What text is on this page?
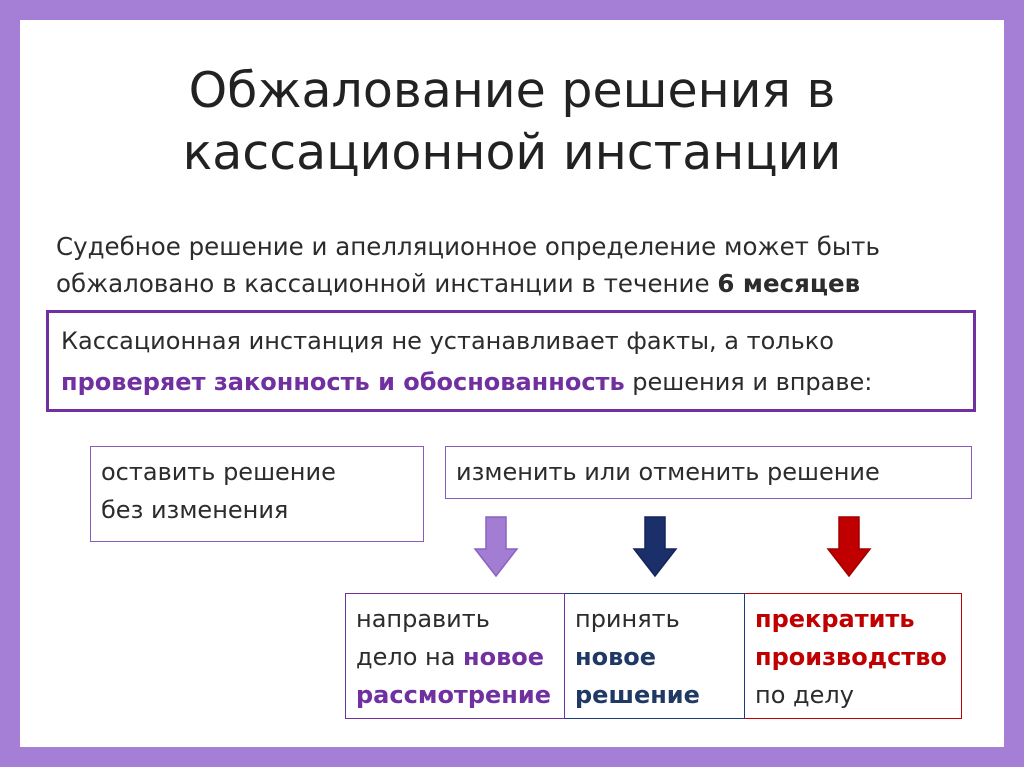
Обжалование решения в
кассационной инстанции

Судебное решение и апелляционное определение может быть
обжаловано в кассационной инстанции в течение 6 месяцев

Кассационная инстанция не устанавливает факты, а только
проверяет законность и обоснованность решения и вправе:

оставить решение
без изменения

изменить или отменить решение

направить
дело на новое
рассмотрение

принять
новое
решение

прекратить
производство
по делу
